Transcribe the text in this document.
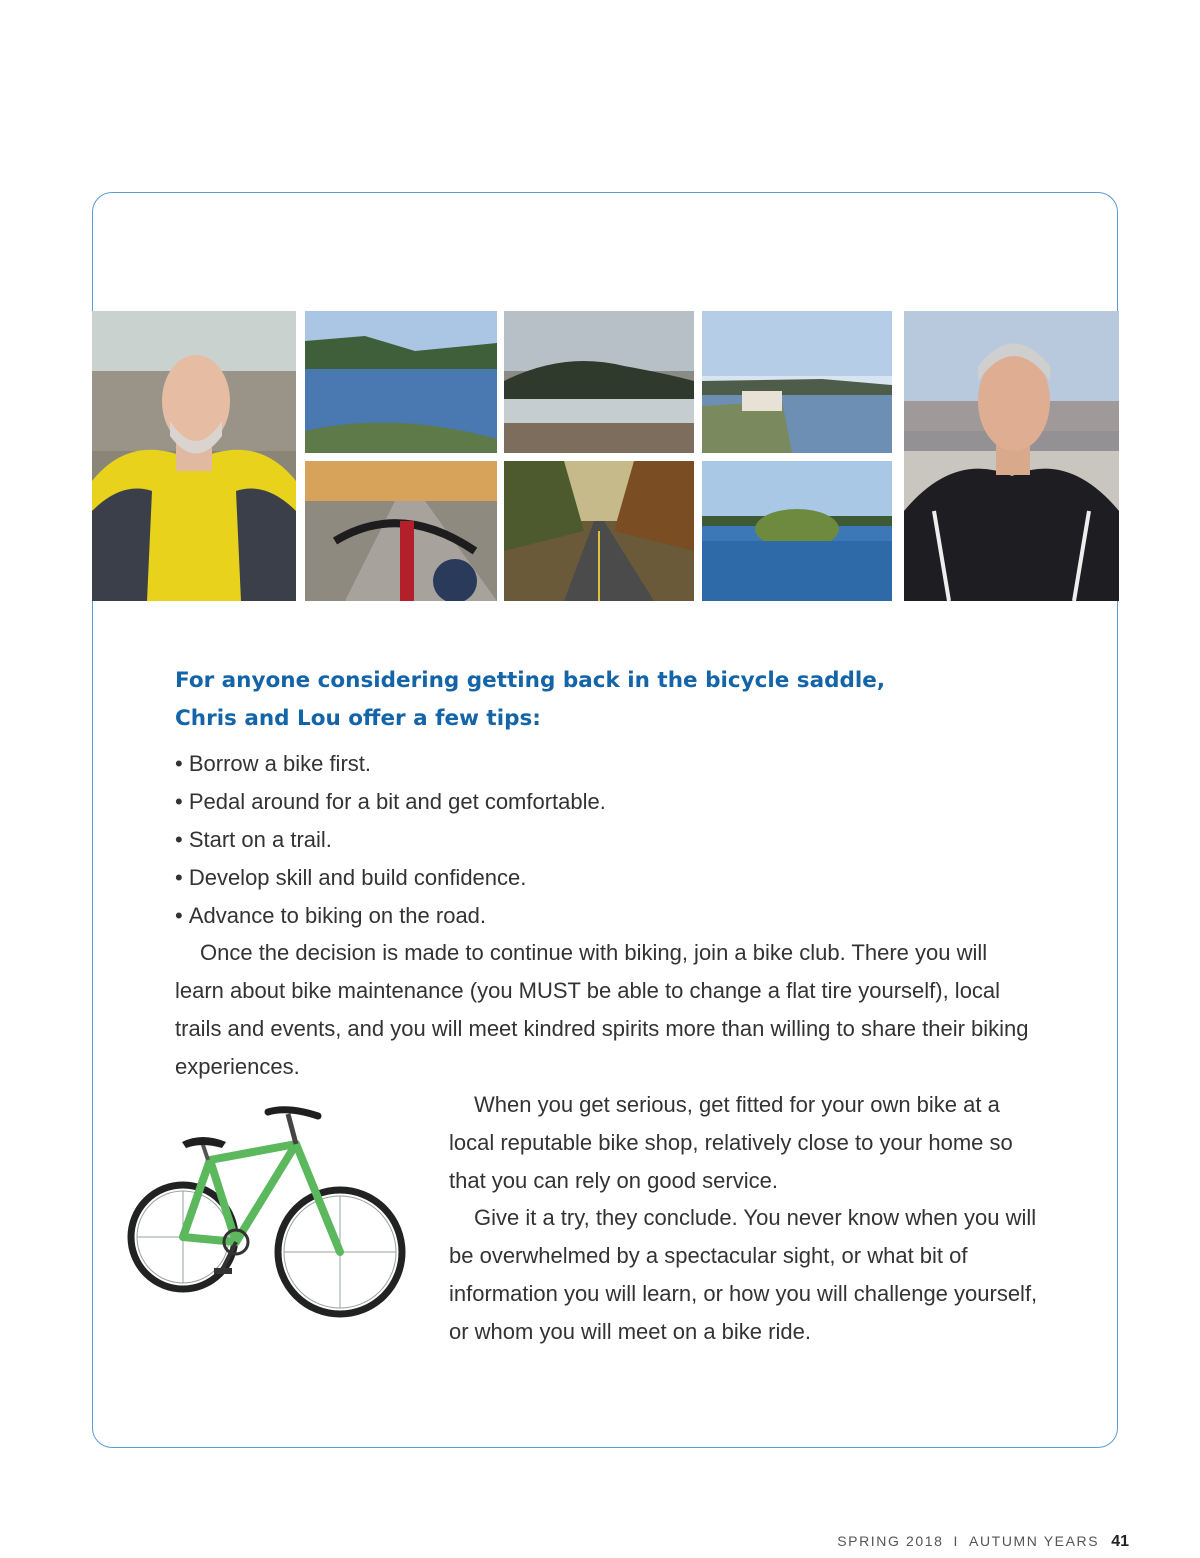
For anyone considering getting back in the bicycle saddle,
Chris and Lou offer a few tips:
• Borrow a bike first.
• Pedal around for a bit and get comfortable.
• Start on a trail.
• Develop skill and build confidence.
• Advance to biking on the road.

Once the decision is made to continue with biking, join a bike club. There you will learn about bike maintenance (you MUST be able to change a flat tire yourself), local trails and events, and you will meet kindred spirits more than willing to share their biking experiences.

When you get serious, get fitted for your own bike at a local reputable bike shop, relatively close to your home so that you can rely on good service.

Give it a try, they conclude. You never know when you will be overwhelmed by a spectacular sight, or what bit of information you will learn, or how you will challenge yourself, or whom you will meet on a bike ride.

SPRING 2018 I AUTUMN YEARS 41
